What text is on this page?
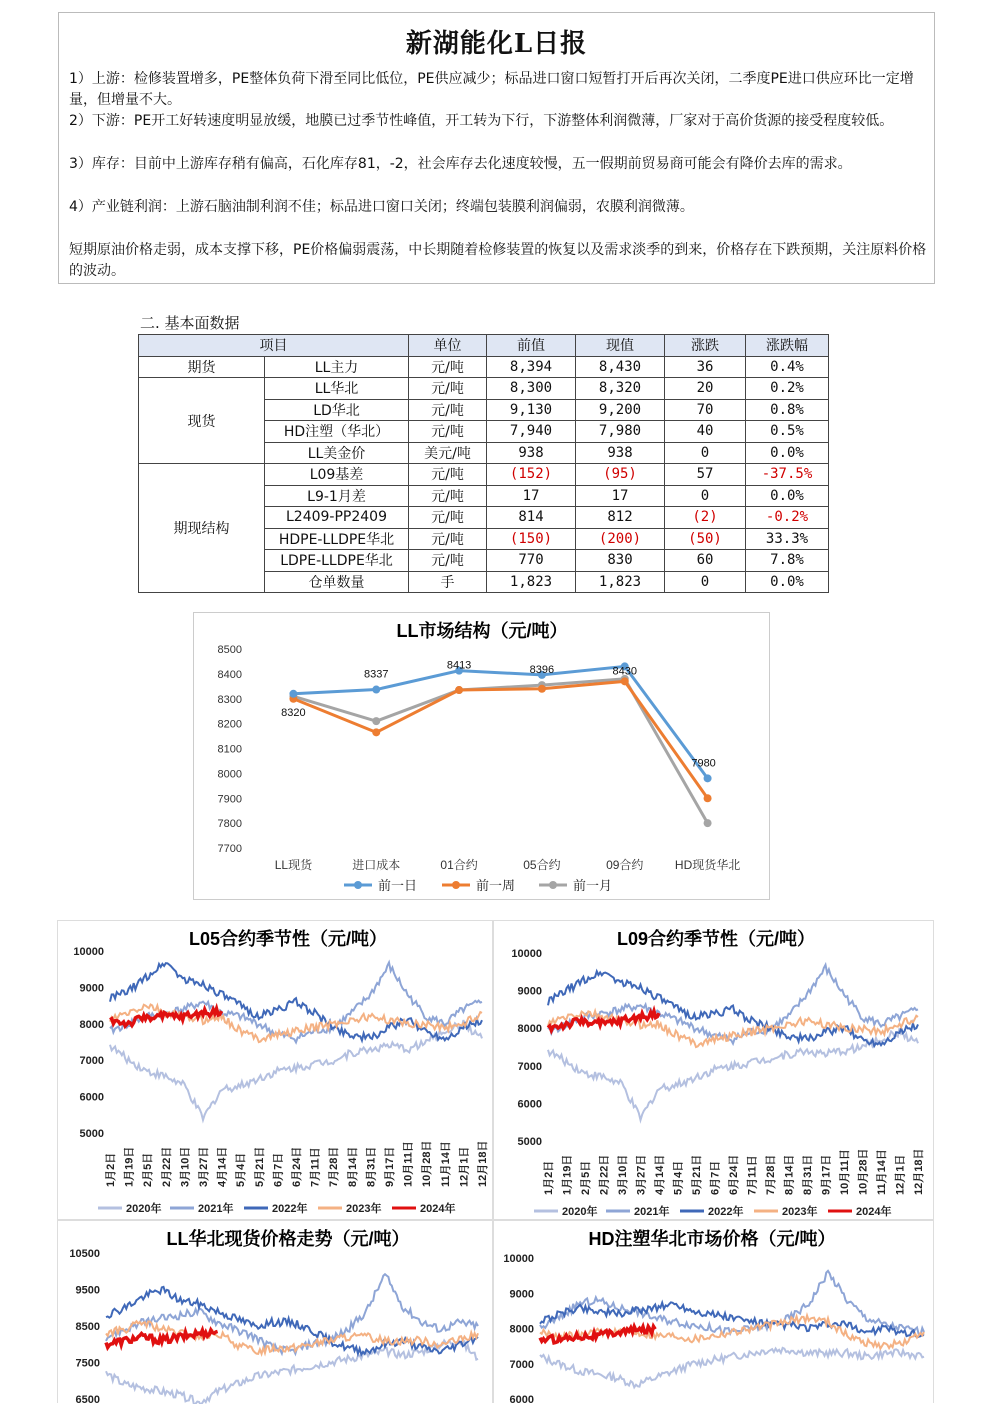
新湖能化L日报
1）上游：检修装置增多，PE整体负荷下滑至同比低位，PE供应减少；标品进口窗口短暂打开后再次关闭，二季度PE进口供应环比一定增量，但增量不大。
2）下游：PE开工好转速度明显放缓，地膜已过季节性峰值，开工转为下行，下游整体利润微薄，厂家对于高价货源的接受程度较低。
3）库存：目前中上游库存稍有偏高，石化库存81，-2，社会库存去化速度较慢，五一假期前贸易商可能会有降价去库的需求。
4）产业链利润：上游石脑油制利润不佳；标品进口窗口关闭；终端包装膜利润偏弱，农膜利润微薄。
短期原油价格走弱，成本支撑下移，PE价格偏弱震荡，中长期随着检修装置的恢复以及需求淡季的到来，价格存在下跌预期，关注原料价格的波动。
二. 基本面数据
项目		单位	前值	现值	涨跌	涨跌幅
期货	LL主力	元/吨	8,394	8,430	36	0.4%
现货	LL华北	元/吨	8,300	8,320	20	0.2%
	LD华北	元/吨	9,130	9,200	70	0.8%
	HD注塑（华北）	元/吨	7,940	7,980	40	0.5%
	LL美金价	美元/吨	938	938	0	0.0%
期现结构	L09基差	元/吨	(152)	(95)	57	-37.5%
	L9-1月差	元/吨	17	17	0	0.0%
	L2409-PP2409	元/吨	814	812	(2)	-0.2%
	HDPE-LLDPE华北	元/吨	(150)	(200)	(50)	33.3%
	LDPE-LLDPE华北	元/吨	770	830	60	7.8%
	仓单数量	手	1,823	1,823	0	0.0%
LL市场结构（元/吨）
7700
7800
7900
8000
8100
8200
8300
8400
8500
LL现货	进口成本	01合约	05合约	09合约	HD现货华北
8320
8337
8413	8396	8430
7980
前一日	前一周	前一月
L05合约季节性（元/吨）
5000
6000
7000
8000
9000
10000
1月2日 1月19日 2月5日 2月22日 3月10日 3月27日 4月14日 5月4日 5月21日 6月7日 6月24日 7月11日 7月28日 8月14日 8月31日 9月17日 10月11日 10月28日 11月14日 12月1日 12月18日
2020年	2021年	2022年	2023年	2024年
L09合约季节性（元/吨）
5000
6000
7000
8000
9000
10000
1月2日 1月19日 2月5日 2月22日 3月10日 3月27日 4月14日 5月4日 5月21日 6月7日 6月24日 7月11日 7月28日 8月14日 8月31日 9月17日 10月11日 10月28日 11月14日 12月1日 12月18日
2020年	2021年	2022年	2023年	2024年
LL华北现货价格走势（元/吨）
6500
7500
8500
9500
10500
HD注塑华北市场价格（元/吨）
6000
7000
8000
9000
10000
